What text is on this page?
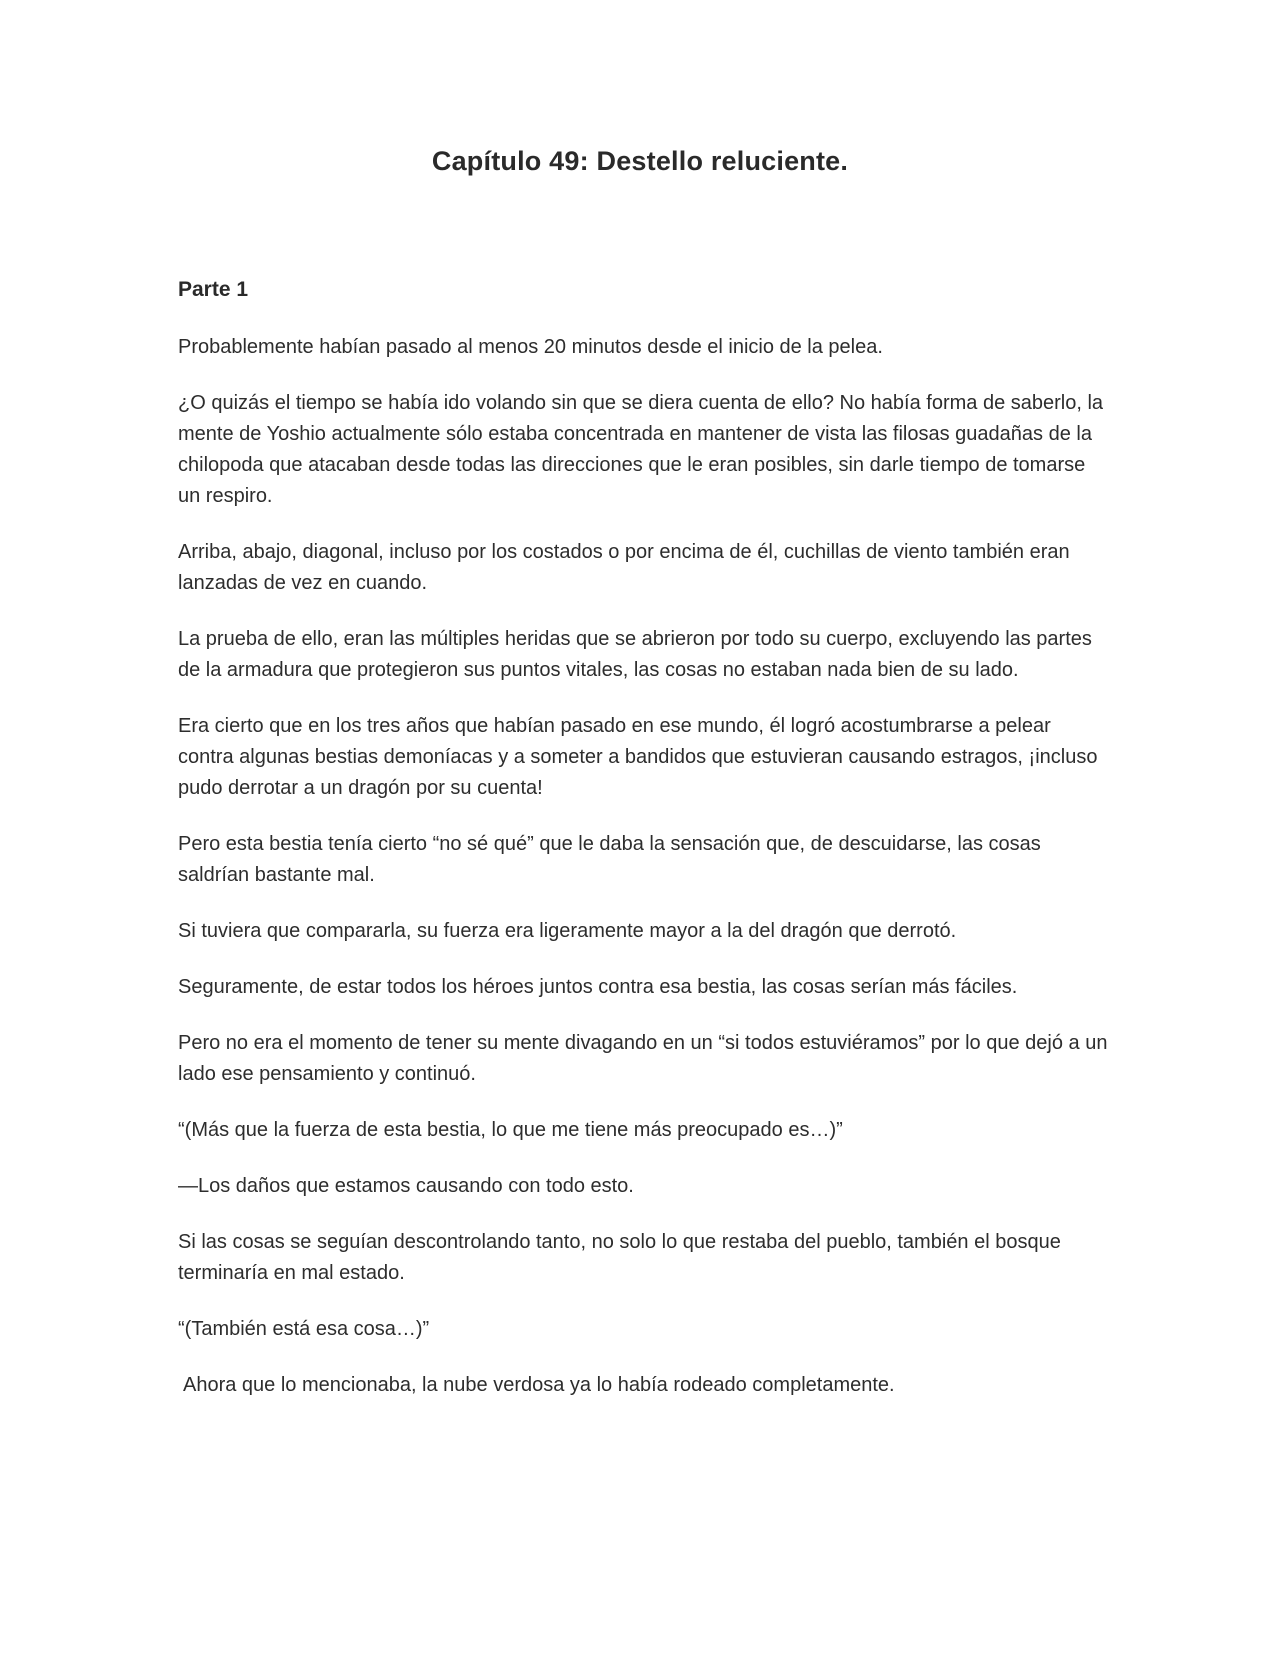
Capítulo 49: Destello reluciente.
Parte 1

Probablemente habían pasado al menos 20 minutos desde el inicio de la pelea.

¿O quizás el tiempo se había ido volando sin que se diera cuenta de ello? No había forma de saberlo, la mente de Yoshio actualmente sólo estaba concentrada en mantener de vista las filosas guadañas de la chilopoda que atacaban desde todas las direcciones que le eran posibles, sin darle tiempo de tomarse un respiro.

Arriba, abajo, diagonal, incluso por los costados o por encima de él, cuchillas de viento también eran lanzadas de vez en cuando.

La prueba de ello, eran las múltiples heridas que se abrieron por todo su cuerpo, excluyendo las partes de la armadura que protegieron sus puntos vitales, las cosas no estaban nada bien de su lado.

Era cierto que en los tres años que habían pasado en ese mundo, él logró acostumbrarse a pelear contra algunas bestias demoníacas y a someter a bandidos que estuvieran causando estragos, ¡incluso pudo derrotar a un dragón por su cuenta!

Pero esta bestia tenía cierto “no sé qué” que le daba la sensación que, de descuidarse, las cosas saldrían bastante mal.

Si tuviera que compararla, su fuerza era ligeramente mayor a la del dragón que derrotó.

Seguramente, de estar todos los héroes juntos contra esa bestia, las cosas serían más fáciles.

Pero no era el momento de tener su mente divagando en un “si todos estuviéramos” por lo que dejó a un lado ese pensamiento y continuó.

“(Más que la fuerza de esta bestia, lo que me tiene más preocupado es…)”

—Los daños que estamos causando con todo esto.

Si las cosas se seguían descontrolando tanto, no solo lo que restaba del pueblo, también el bosque terminaría en mal estado.

“(También está esa cosa…)”

Ahora que lo mencionaba, la nube verdosa ya lo había rodeado completamente.
